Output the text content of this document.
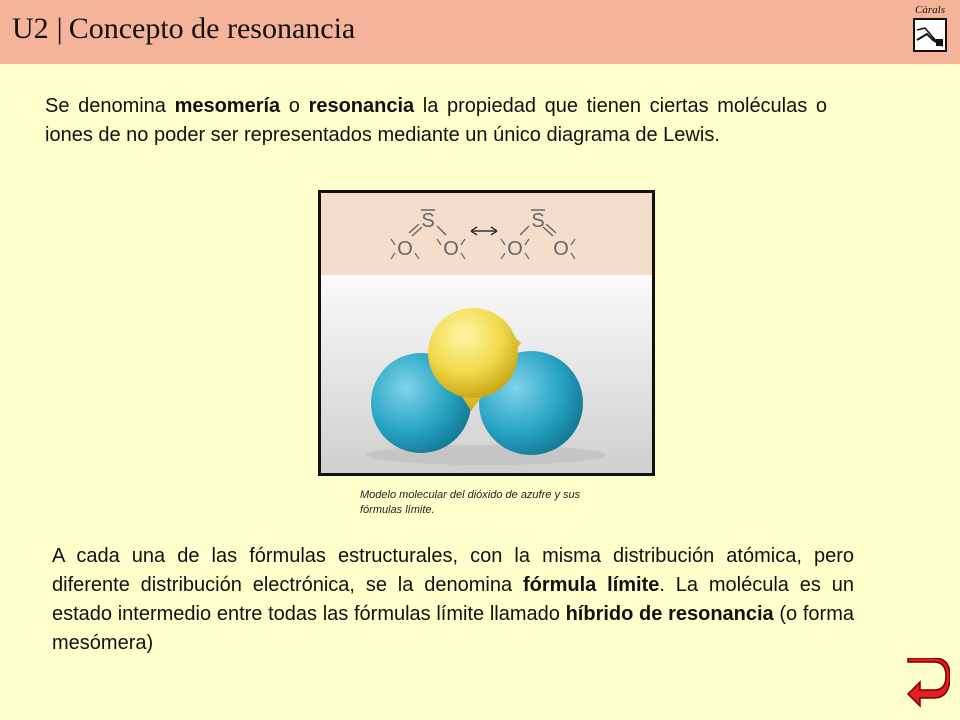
U2 | Concepto de resonancia
Càrals
Se denomina mesomería o resonancia la propiedad que tienen ciertas moléculas o iones de no poder ser representados mediante un único diagrama de Lewis.
S
O O
S
O O
Modelo molecular del dióxido de azufre y sus fórmulas límite.
A cada una de las fórmulas estructurales, con la misma distribución atómica, pero diferente distribución electrónica, se la denomina fórmula límite. La molécula es un estado intermedio entre todas las fórmulas límite llamado híbrido de resonancia (o forma mesómera)
